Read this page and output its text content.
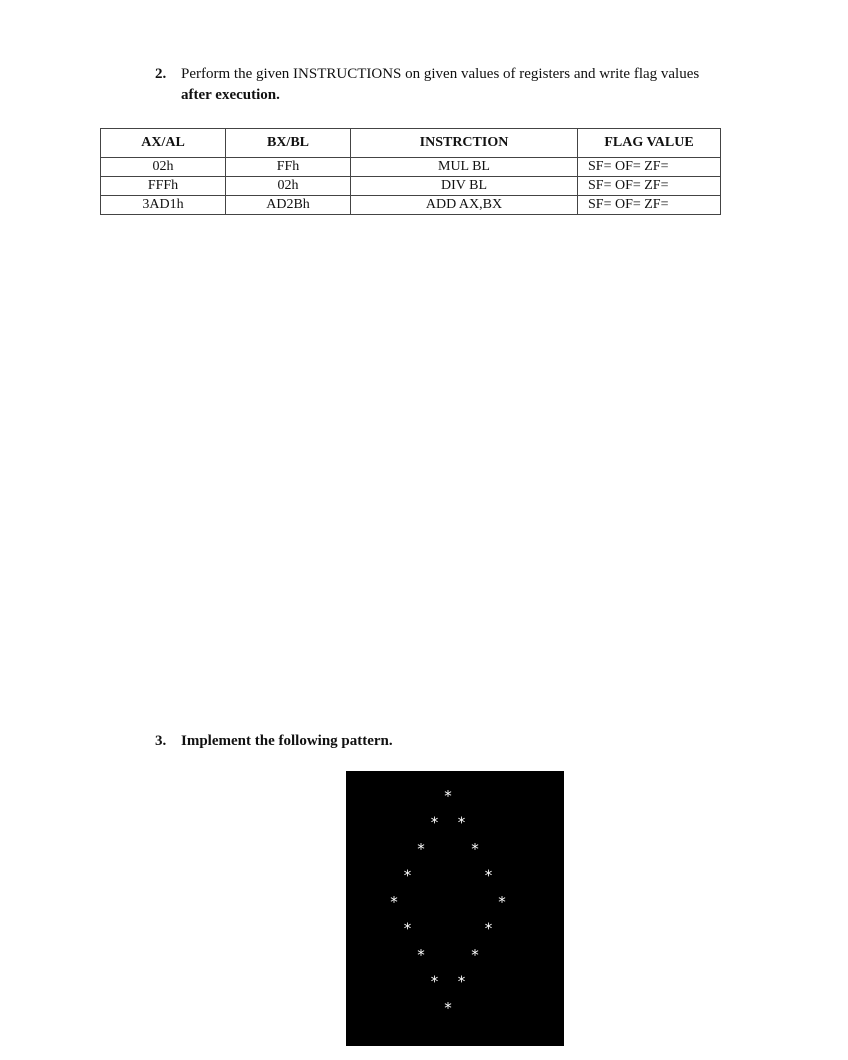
2. Perform the given INSTRUCTIONS on given values of registers and write flag values
after execution.
AX/AL	BX/BL	INSTRCTION	FLAG VALUE
02h	FFh	MUL BL	SF= OF= ZF=
FFFh	02h	DIV BL	SF= OF= ZF=
3AD1h	AD2Bh	ADD AX,BX	SF= OF= ZF=
3. Implement the following pattern.
*
* *
*	*
*	*
*	*
*	*
*	*
* *
*
